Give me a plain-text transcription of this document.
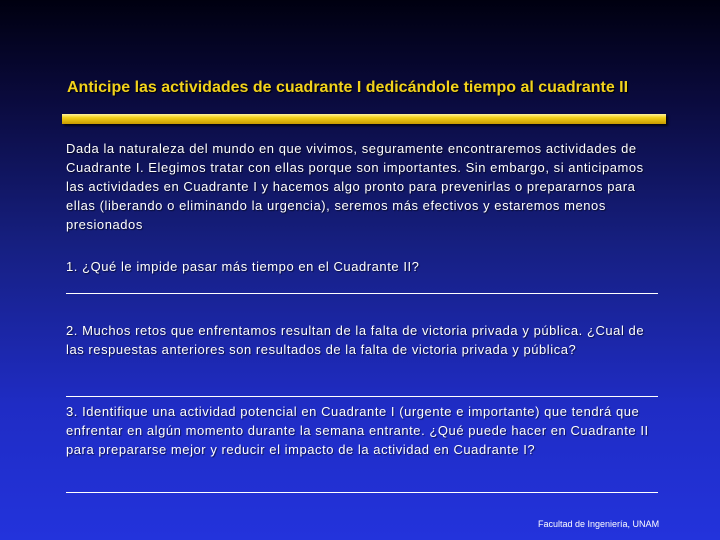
Anticipe las actividades de cuadrante I dedicándole tiempo al cuadrante II

Dada la naturaleza del mundo en que vivimos, seguramente encontraremos actividades de Cuadrante I. Elegimos tratar con ellas porque son importantes. Sin embargo, si anticipamos las actividades en Cuadrante I y hacemos algo pronto para prevenirlas o prepararnos para ellas (liberando o eliminando la urgencia), seremos más efectivos y estaremos menos presionados

1. ¿Qué le impide pasar más tiempo en el Cuadrante II?

2. Muchos retos que enfrentamos resultan de la falta de victoria privada y pública. ¿Cual de las respuestas anteriores son resultados de la falta de victoria privada y pública?

3. Identifique una actividad potencial en Cuadrante I (urgente e importante) que tendrá que enfrentar en algún momento durante la semana entrante. ¿Qué puede hacer en Cuadrante II para prepararse mejor y reducir el impacto de la actividad en Cuadrante I?

Facultad de Ingeniería, UNAM
